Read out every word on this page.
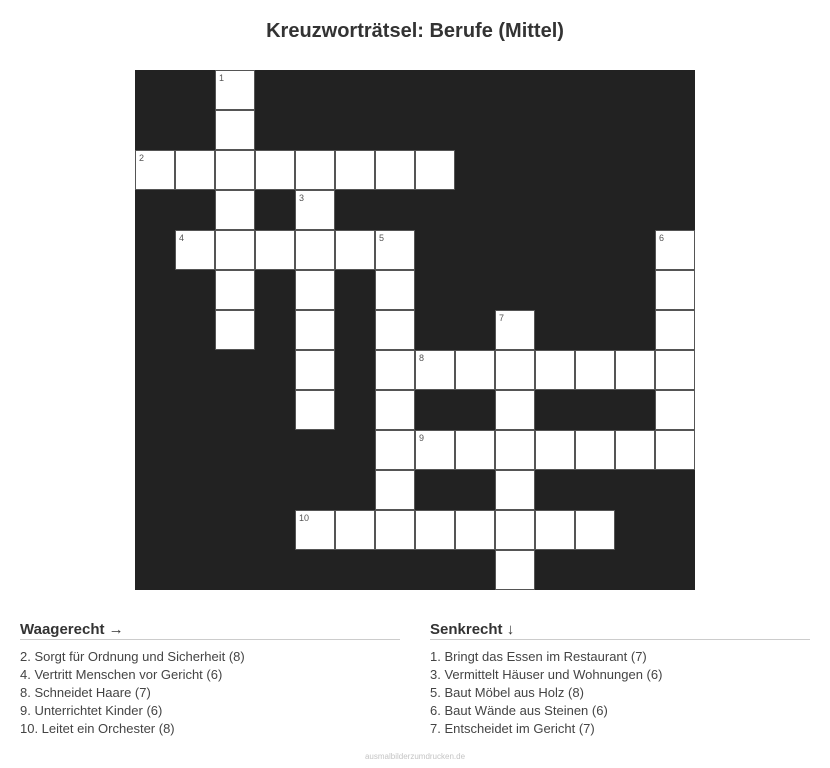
Kreuzworträtsel: Berufe (Mittel)
1
2
3
4	5	6
7
8
9
10
Waagerecht →
2. Sorgt für Ordnung und Sicherheit (8)
4. Vertritt Menschen vor Gericht (6)
8. Schneidet Haare (7)
9. Unterrichtet Kinder (6)
10. Leitet ein Orchester (8)
Senkrecht ↓
1. Bringt das Essen im Restaurant (7)
3. Vermittelt Häuser und Wohnungen (6)
5. Baut Möbel aus Holz (8)
6. Baut Wände aus Steinen (6)
7. Entscheidet im Gericht (7)
ausmalbilderzumdrucken.de
